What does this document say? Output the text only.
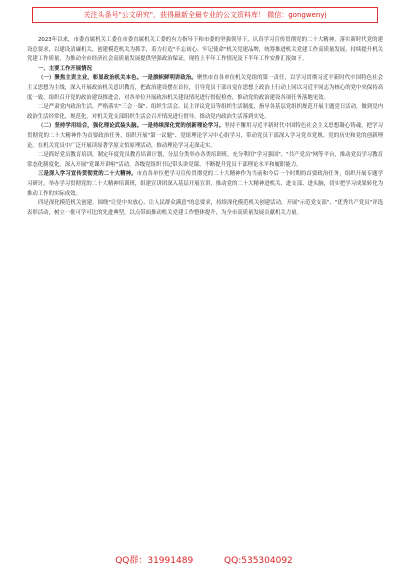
关注头条号"公文研究"，获得最新全最专业的公文资料库！ 微信：gongwenyj

2023年以来，市委直属机关工委在市委直属机关工委的有力指导下和市委的坚强领导下，认真学习宣传贯彻党的二十大精神，落实新时代党的建设总要求，以建设清廉机关、创建模范机关为抓手，着力打造"不忘初心、牢记使命"机关党建品牌，统筹推进机关党建工作高质量发展，持续提升机关党建工作质量，为推动全市经济社会高质量发展提供坚强政治保证。现将上半年工作情况及下半年工作安排汇报如下。

一、主要工作开展情况

（一）聚焦主责主业，彰显政治机关本色。一是旗帜鲜明讲政治。聚焦市直各单位机关党组的第一责任，以学习贯彻习近平新时代中国特色社会主义思想为主线，深入开展政治机关意识教育，把政治建设摆在首位，引导党员干部自觉在思想上政治上行动上同以习近平同志为核心的党中央保持高度一致。组织召开党的政治建设推进会，对各单位开展政治机关建设情况进行督促检查，推动党的政治建设各项任务落地见效。

二是严肃党内政治生活。严格落实"三会一课"、组织生活会、民主评议党员等组织生活制度，指导各基层党组织规范开展主题党日活动，做到党内政治生活经常化、规范化。对机关党支部组织生活会召开情况进行督导，推动党内政治生活落到实处。

（二）坚持学用结合，强化理论武装头脑。一是持续深化党的创新理论学习。坚持不懈用习近平新时代中国特色社会主义思想凝心铸魂，把学习贯彻党的二十大精神作为首要政治任务，组织开展"第一议题"、党组理论学习中心组学习，带动党员干部深入学习党章党规、党的历史和党的创新理论。在机关党员中广泛开展读原著学原文悟原理活动，推动理论学习走深走实。

二是抓好党员教育培训。制定年度党员教育培训计划，分层分类举办各类培训班，充分利用"学习强国"、"共产党员"网等平台，推动党员学习教育常态化制度化。深入开展"党课开讲啦"活动，各级党组织书记带头讲党课，不断提升党员干部理论水平和履职能力。

三是深入学习宣传贯彻党的二十大精神。市直各单位把学习宣传贯彻党的二十大精神作为当前和今后一个时期的首要政治任务，组织开展专题学习研讨，举办学习贯彻党的二十大精神培训班，组建宣讲团深入基层开展宣讲，推动党的二十大精神进机关、进支部、进头脑，切实把学习成果转化为推动工作的实际成效。

四是深化模范机关创建。围绕"让党中央放心、让人民群众满意"的总要求，持续深化模范机关创建活动，开展"示范党支部"、"优秀共产党员"评选表彰活动，树立一批可学可比的先进典型，以点带面推动机关党建工作整体提升，为全市高质量发展贡献机关力量。

QQ群：31991489	QQ:535304092
